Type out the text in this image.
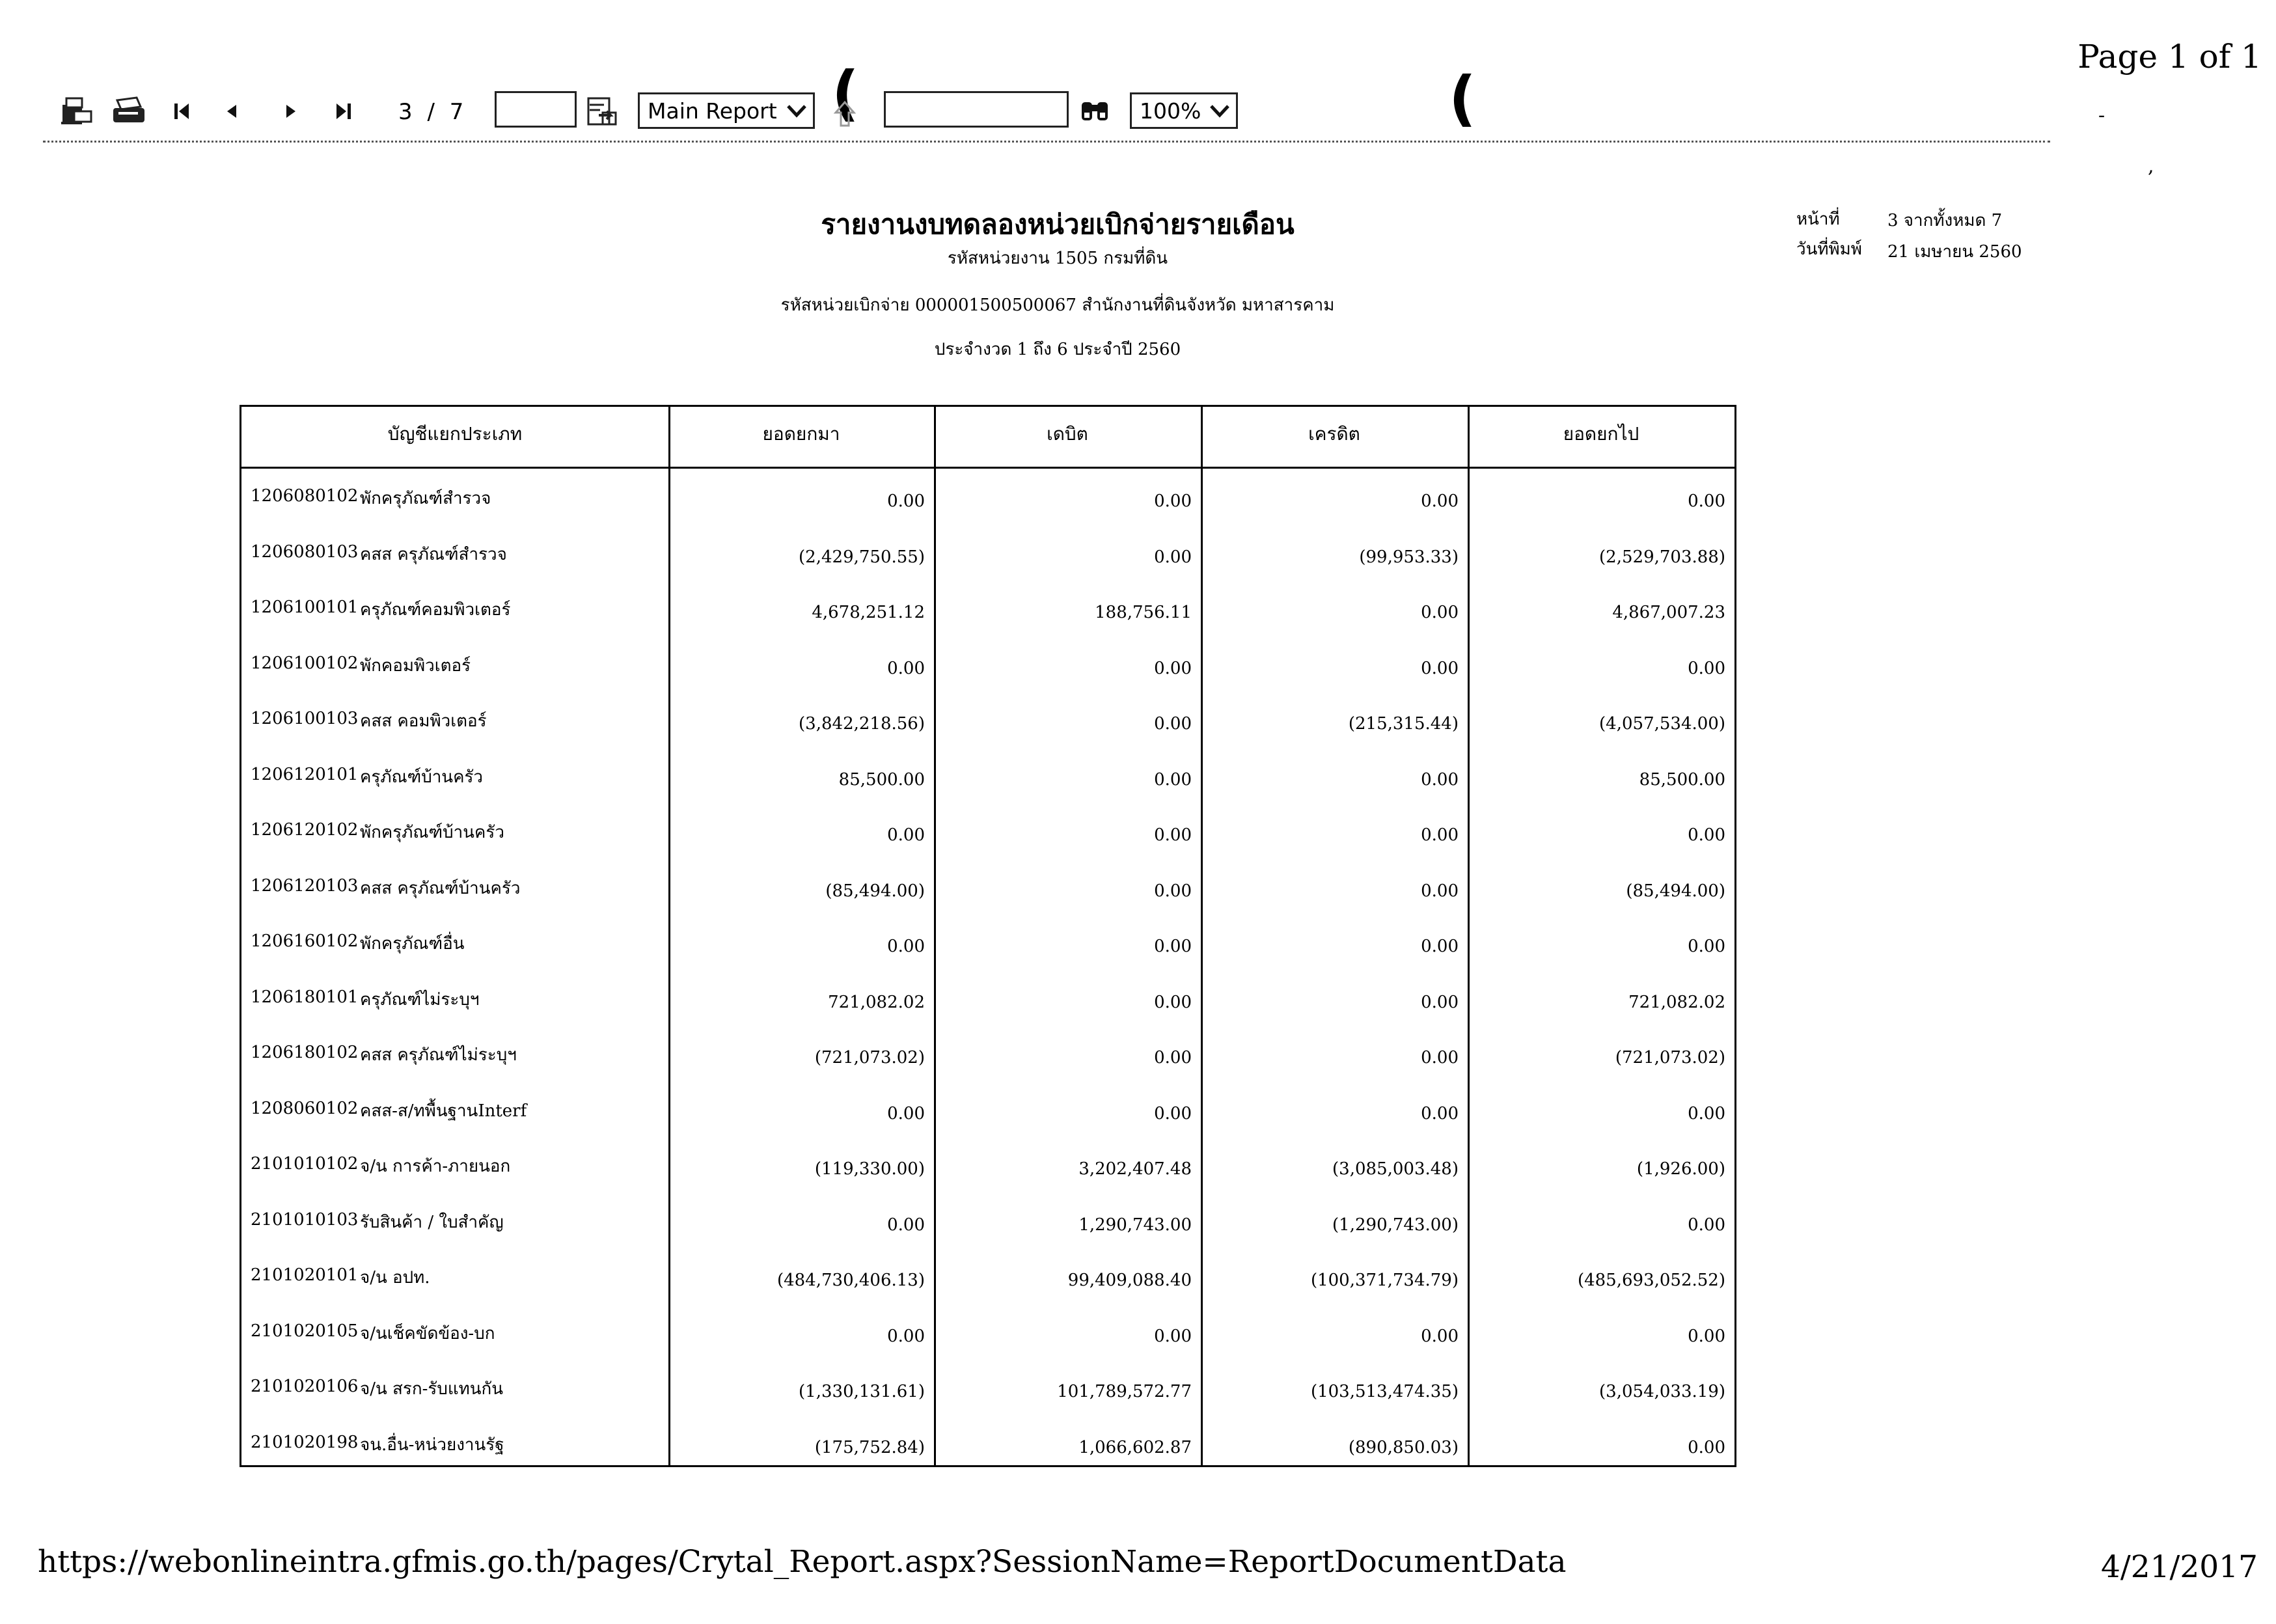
Page 1 of 1
-
,
3 / 7	Main Report (	100%	(
รายงานงบทดลองหน่วยเบิกจ่ายรายเดือน
รหัสหน่วยงาน 1505 กรมที่ดิน
รหัสหน่วยเบิกจ่าย 000001500500067 สำนักงานที่ดินจังหวัด มหาสารคาม
ประจำงวด 1 ถึง 6 ประจำปี 2560
หน้าที่	3 จากทั้งหมด 7
วันที่พิมพ์ 21 เมษายน 2560
บัญชีแยกประเภท	ยอดยกมา	เดบิต	เครดิต	ยอดยกไป
1206080102 พักครุภัณฑ์สำรวจ	0.00	0.00	0.00	0.00
1206080103 คสส ครุภัณฑ์สำรวจ	(2,429,750.55)	0.00	(99,953.33)	(2,529,703.88)
1206100101 ครุภัณฑ์คอมพิวเตอร์	4,678,251.12	188,756.11	0.00	4,867,007.23
1206100102 พักคอมพิวเตอร์	0.00	0.00	0.00	0.00
1206100103 คสส คอมพิวเตอร์	(3,842,218.56)	0.00	(215,315.44)	(4,057,534.00)
1206120101 ครุภัณฑ์บ้านครัว	85,500.00	0.00	0.00	85,500.00
1206120102 พักครุภัณฑ์บ้านครัว	0.00	0.00	0.00	0.00
1206120103 คสส ครุภัณฑ์บ้านครัว	(85,494.00)	0.00	0.00	(85,494.00)
1206160102 พักครุภัณฑ์อื่น	0.00	0.00	0.00	0.00
1206180101 ครุภัณฑ์ไม่ระบุฯ	721,082.02	0.00	0.00	721,082.02
1206180102 คสส ครุภัณฑ์ไม่ระบุฯ	(721,073.02)	0.00	0.00	(721,073.02)
1208060102 คสส-ส/ทพื้นฐานInterf	0.00	0.00	0.00	0.00
2101010102 จ/น การค้า-ภายนอก	(119,330.00)	3,202,407.48	(3,085,003.48)	(1,926.00)
2101010103 รับสินค้า / ใบสำคัญ	0.00	1,290,743.00	(1,290,743.00)	0.00
2101020101 จ/น อปท.	(484,730,406.13)	99,409,088.40	(100,371,734.79)	(485,693,052.52)
2101020105 จ/นเช็คขัดข้อง-บก	0.00	0.00	0.00	0.00
2101020106 จ/น สรก-รับแทนกัน	(1,330,131.61)	101,789,572.77	(103,513,474.35)	(3,054,033.19)
2101020198 จน.อื่น-หน่วยงานรัฐ	(175,752.84)	1,066,602.87	(890,850.03)	0.00
https://webonlineintra.gfmis.go.th/pages/Crytal_Report.aspx?SessionName=ReportDocumentData	4/21/2017
